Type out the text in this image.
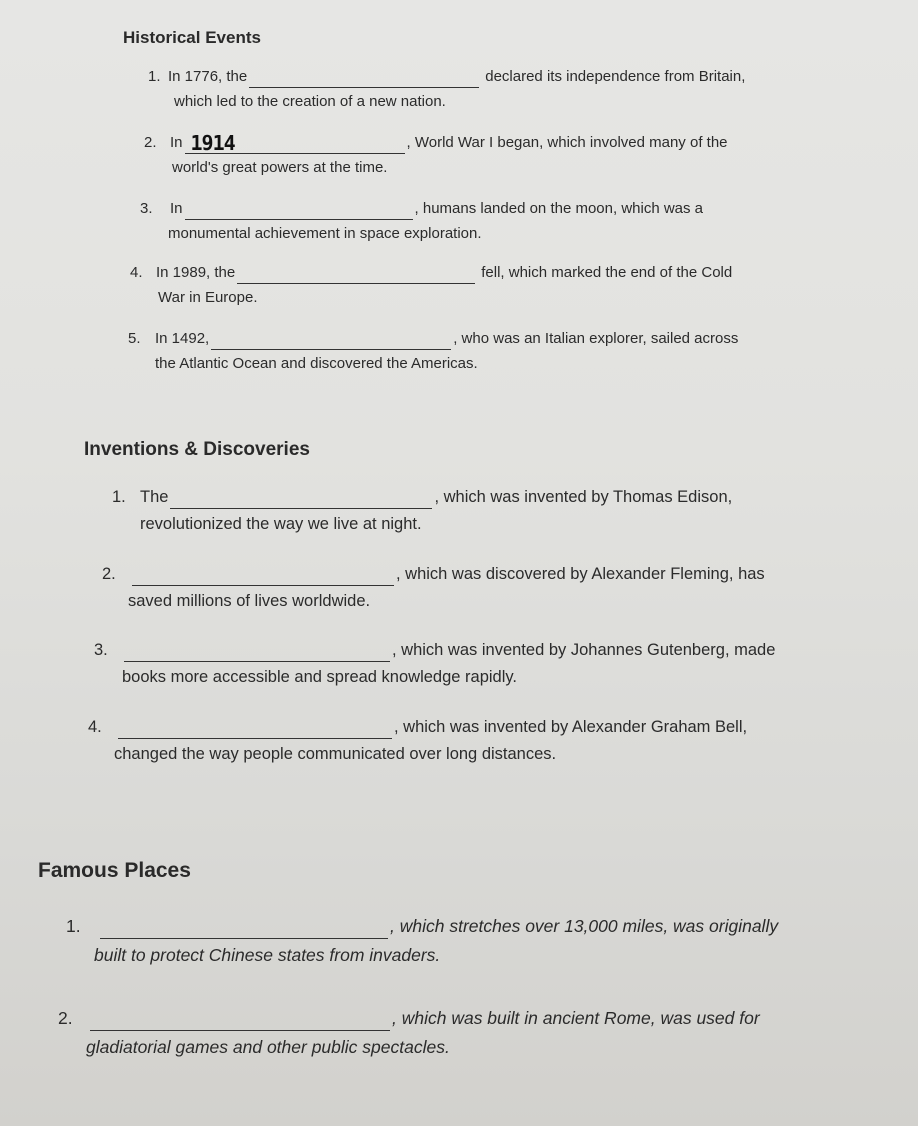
Historical Events
1. In 1776, the	declared its independence from Britain,
which led to the creation of a new nation.
2. In 1914	, World War I began, which involved many of the
world's great powers at the time.
3.	In	, humans landed on the moon, which was a
monumental achievement in space exploration.
4. In 1989, the	fell, which marked the end of the Cold
War in Europe.
5. In 1492,	, who was an Italian explorer, sailed across
the Atlantic Ocean and discovered the Americas.
Inventions & Discoveries
1. The	, which was invented by Thomas Edison,
revolutionized the way we live at night.
2.	, which was discovered by Alexander Fleming, has
saved millions of lives worldwide.
3.	, which was invented by Johannes Gutenberg, made
books more accessible and spread knowledge rapidly.
4.	, which was invented by Alexander Graham Bell,
changed the way people communicated over long distances.
Famous Places
1.	, which stretches over 13,000 miles, was originally
built to protect Chinese states from invaders.
2.	, which was built in ancient Rome, was used for
gladiatorial games and other public spectacles.
